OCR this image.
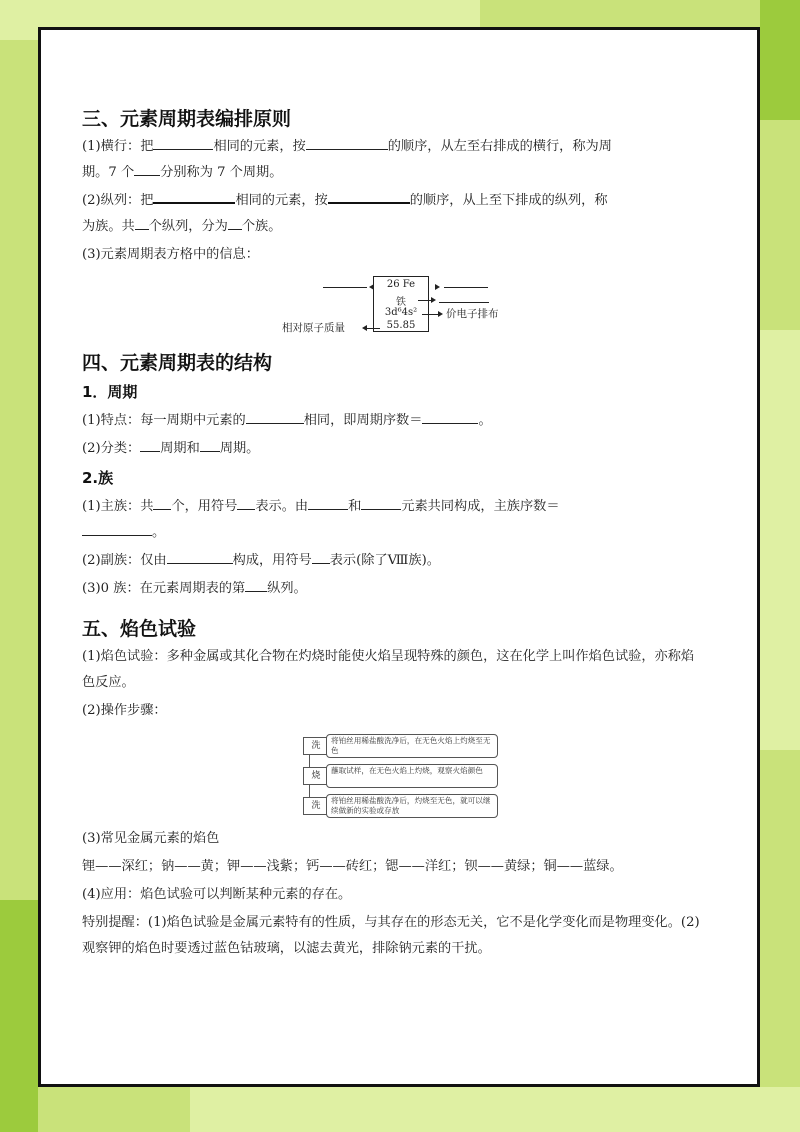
三、元素周期表编排原则

(1)横行：把	相同的元素，按	的顺序，从左至右排成的横行，称为周
期。7 个 分别称为 7 个周期。

(2)纵列：把	相同的元素，按	的顺序，从上至下排成的纵列，称
为族。共 个纵列，分为 个族。

(3)元素周期表方格中的信息：

26 Fe
铁
3d⁶4s²
55.85
价电子排布
相对原子质量
四、元素周期表的结构
1．周期

(1)特点：每一周期中元素的	相同，即周期序数＝	。

(2)分类： 周期和 周期。

2.族

(1)主族：共 个，用符号 表示。由	和	元素共同构成，主族序数＝
。

(2)副族：仅由	构成，用符号 表示(除了Ⅷ族)。

(3)0 族：在元素周期表的第 纵列。

五、焰色试验

(1)焰色试验：多种金属或其化合物在灼烧时能使火焰呈现特殊的颜色，这在化学上叫作焰色试验，亦称焰色反应。

(2)操作步骤：

洗
将铂丝用稀盐酸洗净后，在无色火焰上灼烧至无色
烧
蘸取试样，在无色火焰上灼烧，观察火焰颜色
洗
将铂丝用稀盐酸洗净后，灼烧至无色，就可以继续做新的实验或存放

(3)常见金属元素的焰色

锂——深红；钠——黄；钾——浅紫；钙——砖红；锶——洋红；钡——黄绿；铜——蓝绿。

(4)应用：焰色试验可以判断某种元素的存在。

特别提醒：(1)焰色试验是金属元素特有的性质，与其存在的形态无关，它不是化学变化而是物理变化。(2)观察钾的焰色时要透过蓝色钴玻璃，以滤去黄光，排除钠元素的干扰。
